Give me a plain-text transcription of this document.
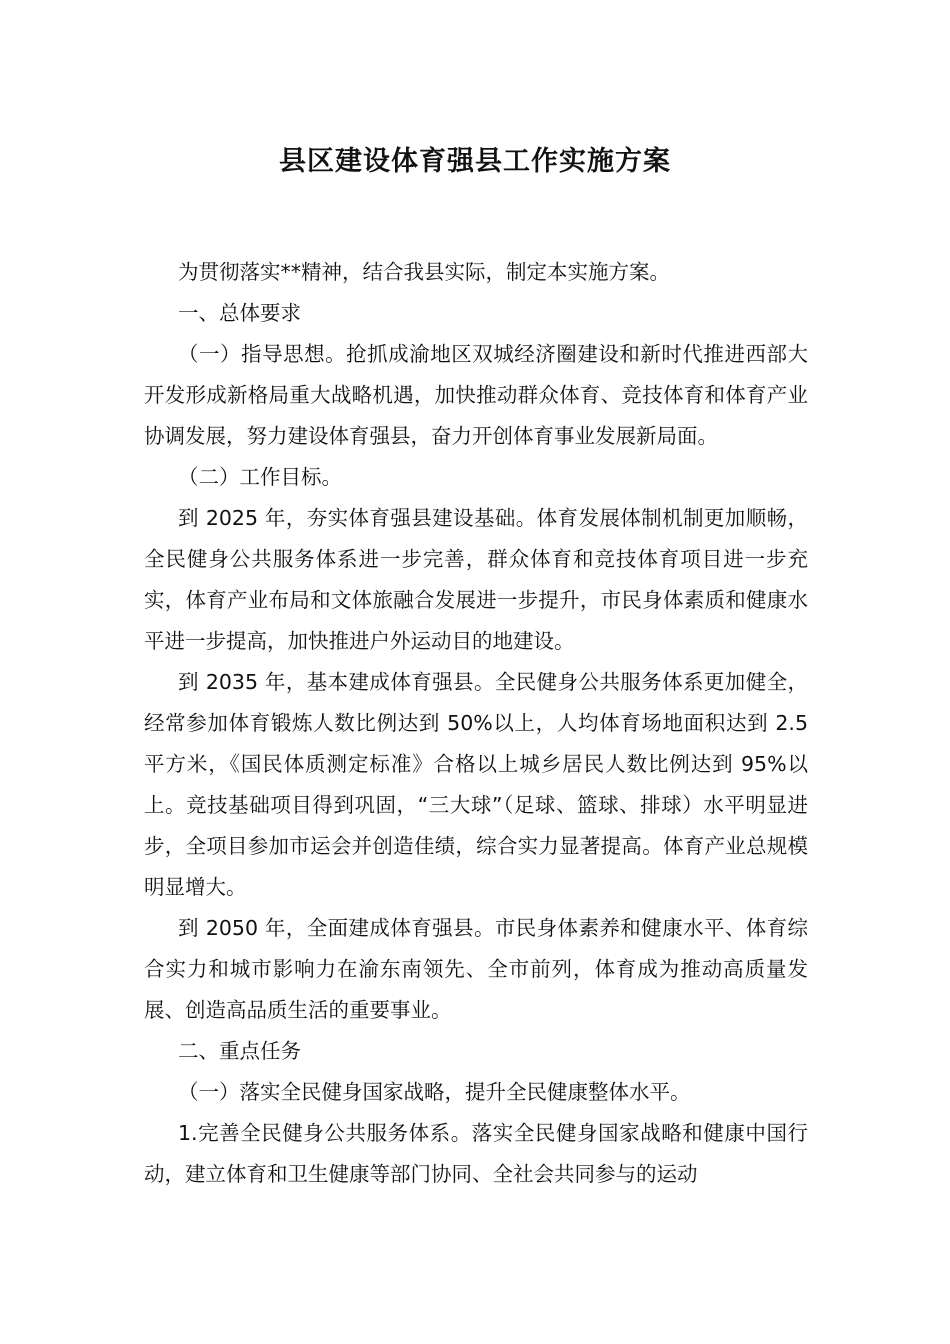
县区建设体育强县工作实施方案

为贯彻落实**精神，结合我县实际，制定本实施方案。

一、总体要求

（一）指导思想。抢抓成渝地区双城经济圈建设和新时代推进西部大开发形成新格局重大战略机遇，加快推动群众体育、竞技体育和体育产业协调发展，努力建设体育强县，奋力开创体育事业发展新局面。

（二）工作目标。

到 2025 年，夯实体育强县建设基础。体育发展体制机制更加顺畅，全民健身公共服务体系进一步完善，群众体育和竞技体育项目进一步充实，体育产业布局和文体旅融合发展进一步提升，市民身体素质和健康水平进一步提高，加快推进户外运动目的地建设。

到 2035 年，基本建成体育强县。全民健身公共服务体系更加健全，经常参加体育锻炼人数比例达到 50%以上，人均体育场地面积达到 2.5 平方米，《国民体质测定标准》合格以上城乡居民人数比例达到 95%以上。竞技基础项目得到巩固，“三大球”（足球、篮球、排球）水平明显进步，全项目参加市运会并创造佳绩，综合实力显著提高。体育产业总规模明显增大。

到 2050 年，全面建成体育强县。市民身体素养和健康水平、体育综合实力和城市影响力在渝东南领先、全市前列，体育成为推动高质量发展、创造高品质生活的重要事业。

二、重点任务

（一）落实全民健身国家战略，提升全民健康整体水平。

1.完善全民健身公共服务体系。落实全民健身国家战略和健康中国行动，建立体育和卫生健康等部门协同、全社会共同参与的运动
